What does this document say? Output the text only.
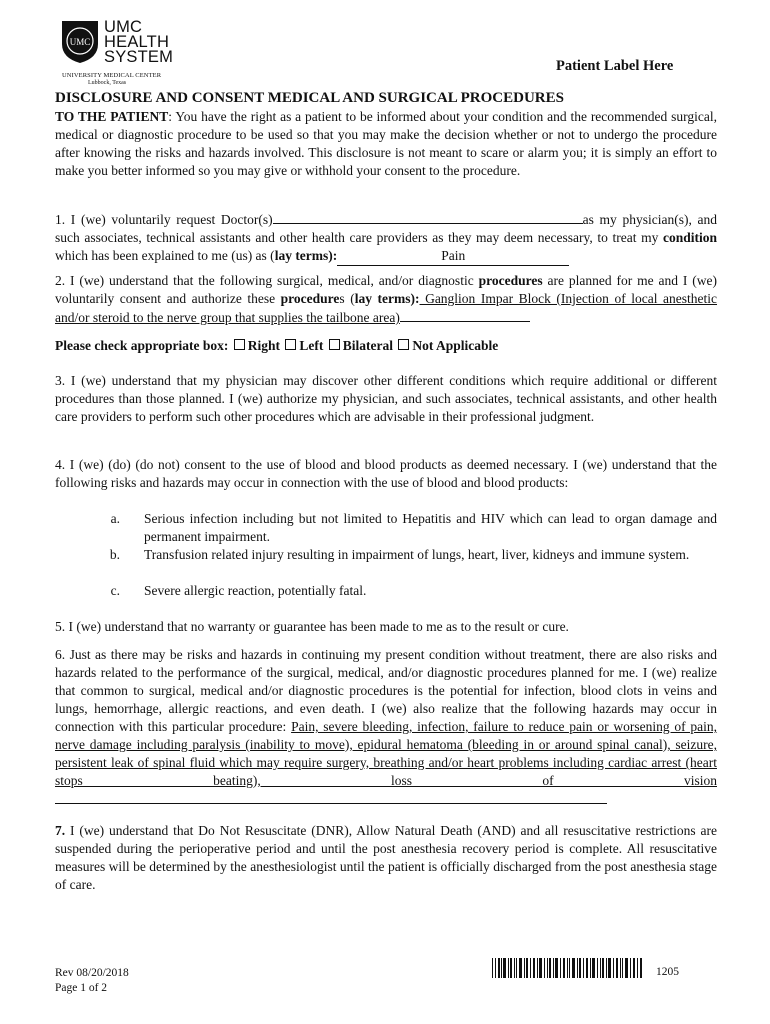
UMC
UMC
HEALTH
SYSTEM
UNIVERSITY MEDICAL CENTER
Lubbock, Texas
Patient Label Here
DISCLOSURE AND CONSENT MEDICAL AND SURGICAL PROCEDURES

TO THE PATIENT: You have the right as a patient to be informed about your condition and the recommended surgical, medical or diagnostic procedure to be used so that you may make the decision whether or not to undergo the procedure after knowing the risks and hazards involved. This disclosure is not meant to scare or alarm you; it is simply an effort to make you better informed so you may give or withhold your consent to the procedure.

1. I (we) voluntarily request Doctor(s)	as my physician(s), and such associates, technical assistants and other health care providers as they may deem necessary, to treat my condition which has been explained to me (us) as (lay terms):	Pain

2. I (we) understand that the following surgical, medical, and/or diagnostic procedures are planned for me and I (we) voluntarily consent and authorize these procedures (lay terms): Ganglion Impar Block (Injection of local anesthetic and/or steroid to the nerve group that supplies the tailbone area)

Please check appropriate box: Right Left Bilateral Not Applicable

3. I (we) understand that my physician may discover other different conditions which require additional or different procedures than those planned. I (we) authorize my physician, and such associates, technical assistants, and other health care providers to perform such other procedures which are advisable in their professional judgment.

4. I (we) (do) (do not) consent to the use of blood and blood products as deemed necessary. I (we) understand that the following risks and hazards may occur in connection with the use of blood and blood products:

a. Serious infection including but not limited to Hepatitis and HIV which can lead to organ damage and permanent impairment.
b. Transfusion related injury resulting in impairment of lungs, heart, liver, kidneys and immune system.
c. Severe allergic reaction, potentially fatal.

5. I (we) understand that no warranty or guarantee has been made to me as to the result or cure.

6. Just as there may be risks and hazards in continuing my present condition without treatment, there are also risks and hazards related to the performance of the surgical, medical, and/or diagnostic procedures planned for me. I (we) realize that common to surgical, medical and/or diagnostic procedures is the potential for infection, blood clots in veins and lungs, hemorrhage, allergic reactions, and even death. I (we) also realize that the following hazards may occur in connection with this particular procedure: Pain, severe bleeding, infection, failure to reduce pain or worsening of pain, nerve damage including paralysis (inability to move), epidural hematoma (bleeding in or around spinal canal), seizure, persistent leak of spinal fluid which may require surgery, breathing and/or heart problems including cardiac arrest (heart stops beating), loss of vision

7. I (we) understand that Do Not Resuscitate (DNR), Allow Natural Death (AND) and all resuscitative restrictions are suspended during the perioperative period and until the post anesthesia recovery period is complete. All resuscitative measures will be determined by the anesthesiologist until the patient is officially discharged from the post anesthesia stage of care.

Rev 08/20/2018
Page 1 of 2
1205
